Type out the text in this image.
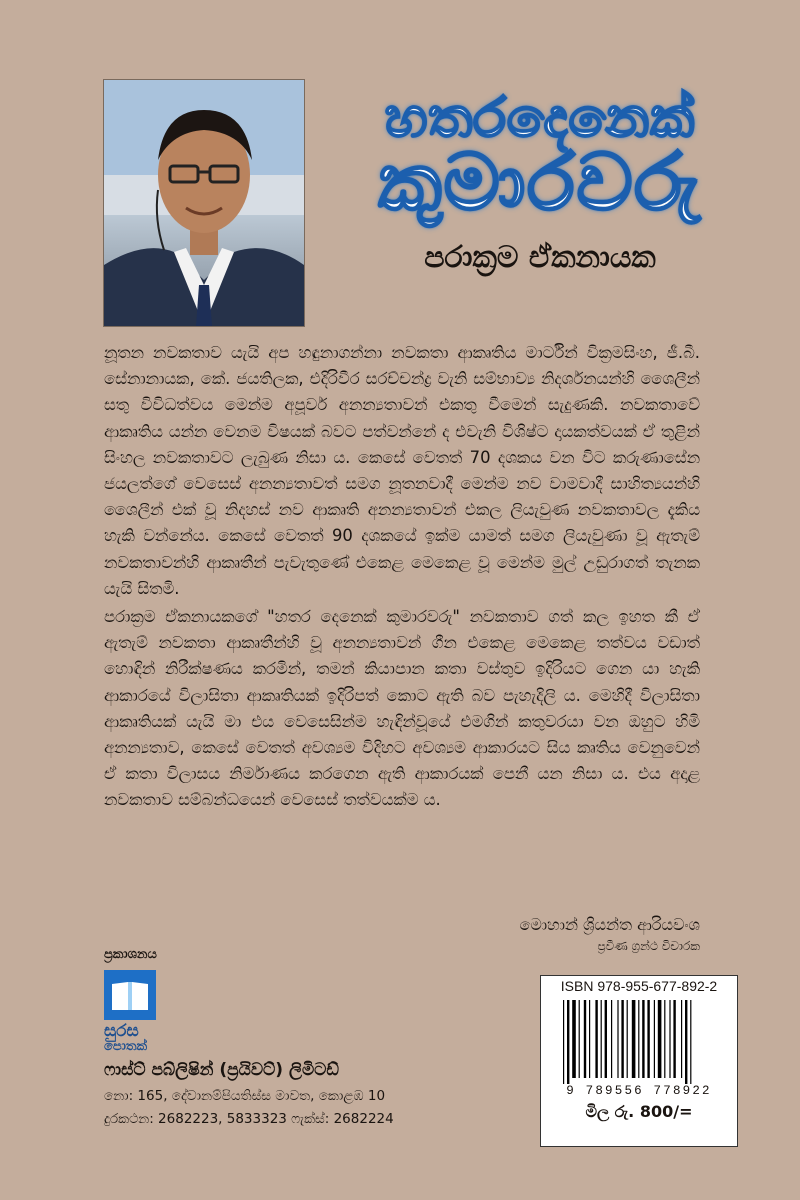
හතරදෙනෙක්
කුමාරවරු
පරාක්‍රම ඒකනායක

නූතන නවකතාව යැයි අප හඳුනාගන්නා නවකතා ආකෘතිය මාර්ටින් වික්‍රමසිංහ, ජී.බී. සේනානායක, කේ. ජයතිලක, එදිරිවීර සරච්චන්ද්‍ර වැනි සම්භාව්‍ය නිදර්ශනයන්හි ශෛලීන් සතු විවිධත්වය මෙන්ම අපූර්ව අනන්‍යතාවන් එකතු වීමෙන් සැදුණකි. නවකතාවේ ආකෘතිය යන්න වෙනම විෂයක් බවට පත්වන්නේ ද එවැනි විශිෂ්ට දායකත්වයක් ඒ තුළින් සිංහල නවකතාවට ලැබුණ නිසා ය. කෙසේ වෙතත් 70 දශකය වන විට කරුණාසේන ජයලත්ගේ වෙසෙස් අනන්‍යතාවත් සමග නූතනවාදී මෙන්ම නව වාමවාදී සාහිත්‍යයන්හි ශෛලීන් එක් වූ නිදහස් නව ආකෘති අනන්‍යතාවන් එකල ලියැවුණ නවකතාවල දැකිය හැකි වන්නේය. කෙසේ වෙතත් 90 දශකයේ ඉක්ම යාමත් සමග ලියැවුණා වූ ඇතැම් නවකතාවන්හි ආකෘතීන් පැවැතුණේ එකෙළ මෙකෙළ වූ මෙන්ම මුල් උඩුරාගත් තැනක යැයි සිතමි.

පරාක්‍රම ඒකනායකගේ "හතර දෙනෙක් කුමාරවරු" නවකතාව ගත් කල ඉහත කී ඒ ඇතැම් නවකතා ආකෘතීන්හි වූ අනන්‍යතාවන් ගීන එකෙළ මෙකෙළ තත්වය වඩාත් හොඳින් නිරීක්ෂණය කරමින්, තමන් කියාපාන කතා වස්තුව ඉදිරියට ගෙන යා හැකි ආකාරයේ විලාසිතා ආකෘතියක් ඉදිරිපත් කොට ඇති බව පැහැදිලි ය. මෙහිදී විලාසිතා ආකෘතියක් යැයි මා එය වෙසෙසින්ම හැඳින්වූයේ එමගින් කතුවරයා වන ඔහුට හිමි අනන්‍යතාව, කෙසේ වෙතත් අවශ්‍යම විදිහට අවශ්‍යම ආකාරයට සිය කෘතිය වෙනුවෙන් ඒ කතා විලාසය නිර්මාණය කරගෙන ඇති ආකාරයක් පෙනී යන නිසා ය. එය අදාළ නවකතාව සම්බන්ධයෙන් වෙසෙස් තත්වයක්ම ය.

මොහාන් ශ්‍රියන්ත ආරියවංශ
ප්‍රවීණ ග්‍රන්ථ විචාරක
ප්‍රකාශනය
සුරස
පොතක්
ෆාස්ට් පබ්ලිෂින් (ප්‍රයිවට්) ලිමිටඩ්
නො: 165, දේවානම්පියතිස්ස මාවත, කොළඹ 10
දුරකථන: 2682223, 5833323 ෆැක්ස්: 2682224
ISBN 978-955-677-892-2
9 789556 778922
මිල රු. 800/=
